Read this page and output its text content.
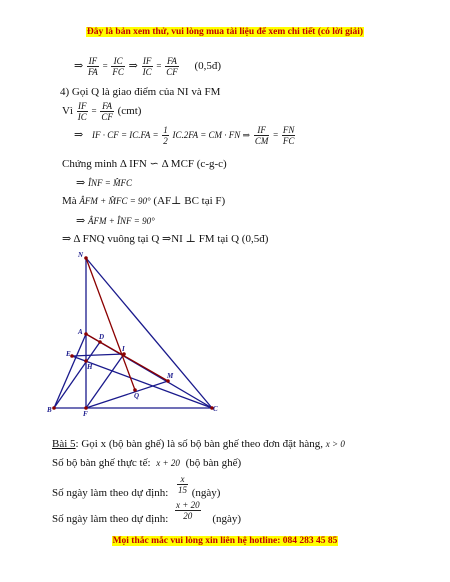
Đây là bản xem thử, vui lòng mua tài liệu để xem chi tiết (có lời giải)
⇒ $\frac{IF}{FA} = \frac{IC}{FC}$ ⇒ $\frac{IF}{IC} = \frac{FA}{CF}$ (0,5đ)
4) Gọi Q là giao điểm của NI và FM
Vì $\frac{IF}{IC} = \frac{FA}{CF} (cmt)$
⇒ IF · CF = $IC.FA = \frac{1}{2} IC.2FA$ = CM · FN ⇒ $\frac{IF}{CM} = \frac{FN}{FC}$
Chứng minh Δ IFN ∽ Δ MCF (c-g-c)
⇒ ÎNF = M̂FC
Mà ÂFM + M̂FC = 90° (AF⊥ BC tại F)
⇒ ÂFM + ÎNF = 90°
⇒ Δ FNQ vuông tại Q ⇒NI ⊥ FM tại Q (0,5đ)
N
A
D
I
E
H
M
Q
B	F
C
Bài 5: Gọi x (bộ bàn ghế) là số bộ bàn ghế theo đơn đặt hàng, x > 0
Số bộ bàn ghế thực tế: x + 20 (bộ bàn ghế)
Số ngày làm theo dự định: $\frac{x}{15}$ (ngày)
Số ngày làm theo dự định: $\frac{x + 20}{20}$ (ngày)
Mọi thắc mắc vui lòng xin liên hệ hotline: 084 283 45 85
